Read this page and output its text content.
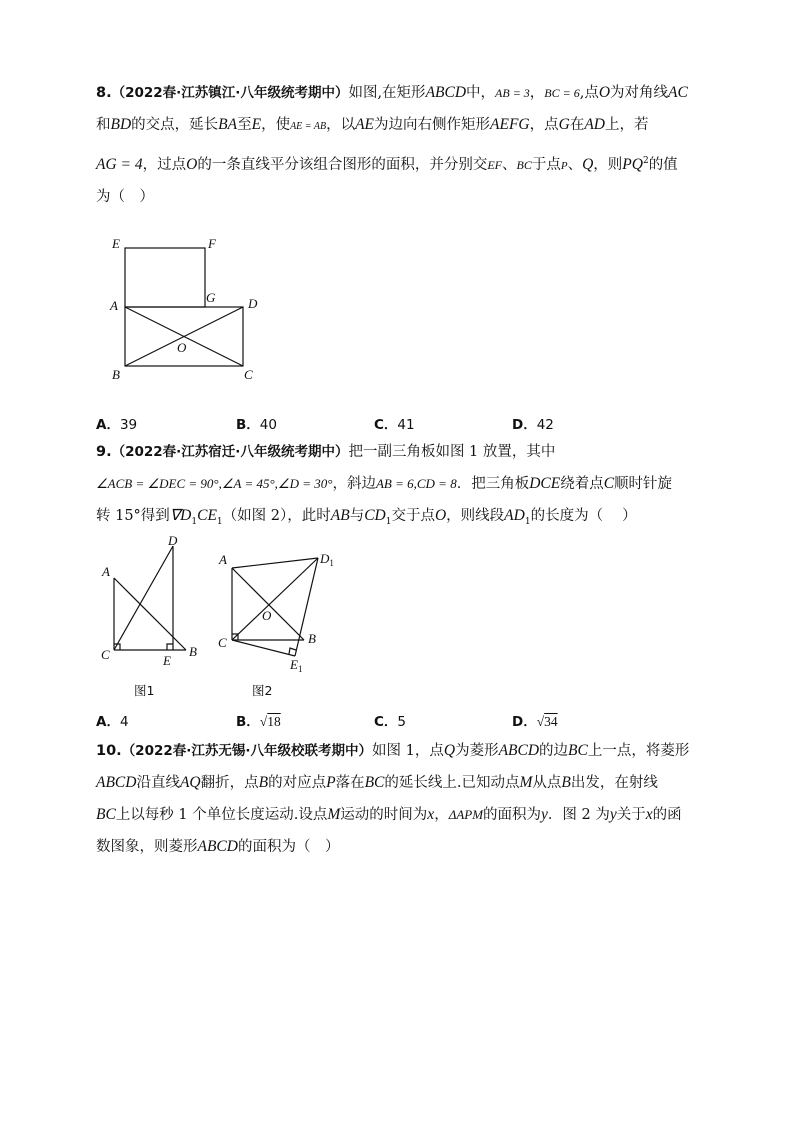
8.（2022春·江苏镇江·八年级统考期中）如图,在矩形ABCD中，AB = 3，BC = 6,点O为对角线AC
和BD的交点，延长BA至E，使AE = AB，以AE为边向右侧作矩形AEFG，点G在AD上，若
AG = 4，过点O的一条直线平分该组合图形的面积，并分别交EF、BC于点P、Q，则$PQ^2$的值
为（　）
E	F
A
G	D
O
B	C
A．39	B．40	C．41	D．42
9.（2022春·江苏宿迁·八年级统考期中）把一副三角板如图 1 放置，其中
∠ACB = ∠DEC = 90°,∠A = 45°,∠D = 30°，斜边AB = 6,CD = 8．把三角板DCE绕着点C顺时针旋
转 15°得到$\nabla D_1CE_1$（如图 2），此时AB与$CD_1$交于点O，则线段$AD_1$的长度为（　 ）
A
D
C	E
B
图1
A	$D_1$
O
C	B
$E_1$
图2
A．4	B．√18	C．5	D．√34
10.（2022春·江苏无锡·八年级校联考期中）如图 1，点Q为菱形ABCD的边BC上一点，将菱形
ABCD沿直线AQ翻折，点B的对应点P落在BC的延长线上.已知动点M从点B出发，在射线
BC上以每秒 1 个单位长度运动.设点M运动的时间为x，ΔAPM的面积为y．图 2 为y关于x的函
数图象，则菱形ABCD的面积为（　）
